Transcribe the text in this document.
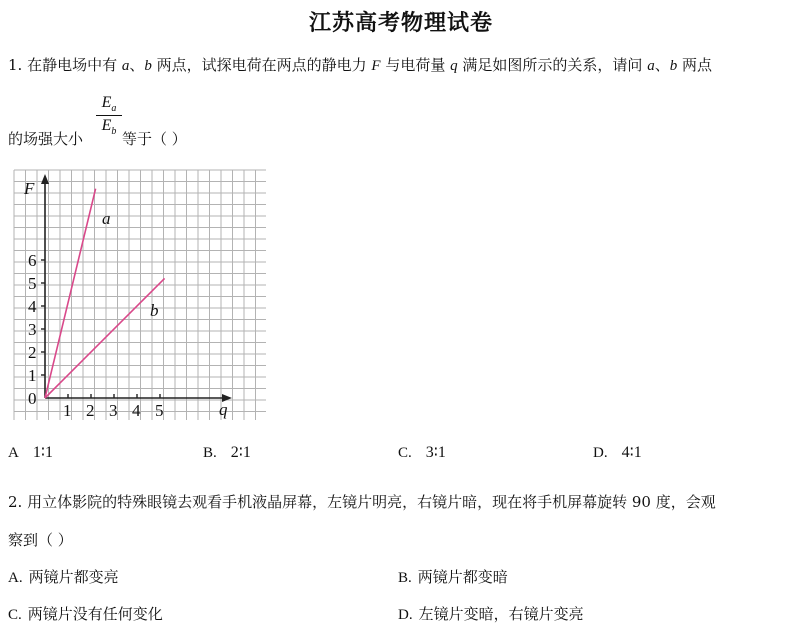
江苏高考物理试卷
1. 在静电场中有 a、b 两点，试探电荷在两点的静电力 F 与电荷量 q 满足如图所示的关系，请问 a、b 两点
的场强大小
$\frac{E_a}{E_b}$
等于（ ）
F
q
0
1
2
3
4
5
6
1 2 3 4 5
a
b
A 1∶1	B. 2∶1	C. 3∶1	D. 4∶1
2. 用立体影院的特殊眼镜去观看手机液晶屏幕，左镜片明亮，右镜片暗，现在将手机屏幕旋转 90 度，会观
察到（ ）
A. 两镜片都变亮	B. 两镜片都变暗
C. 两镜片没有任何变化	D. 左镜片变暗，右镜片变亮
